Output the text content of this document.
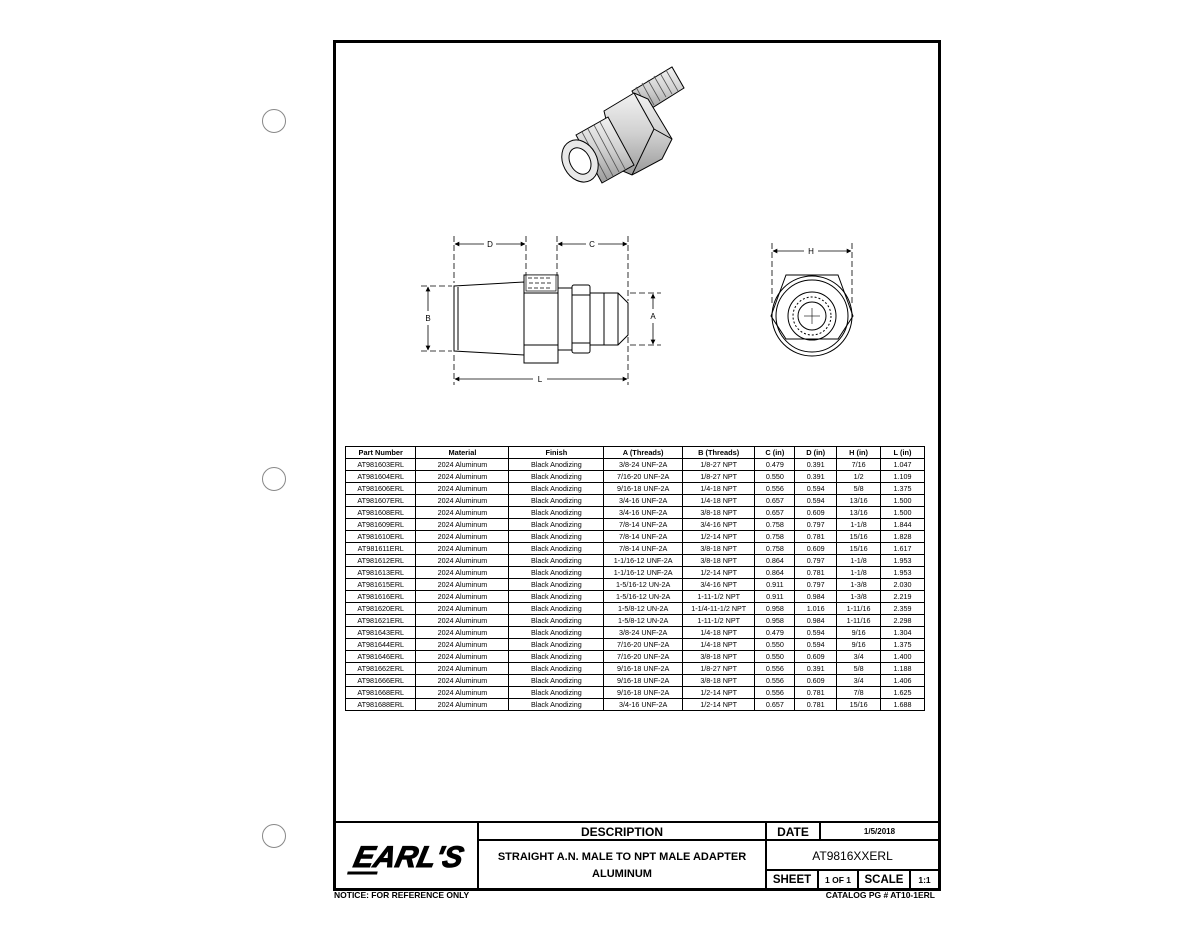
D	C
B	A
L
H
Part Number	Material	Finish	A (Threads)	B (Threads)	C (in)	D (in)	H (in)	L (in)
AT981603ERL	2024 Aluminum	Black Anodizing	3/8-24 UNF-2A	1/8-27 NPT	0.479	0.391	7/16	1.047
AT981604ERL	2024 Aluminum	Black Anodizing	7/16-20 UNF-2A	1/8-27 NPT	0.550	0.391	1/2	1.109
AT981606ERL	2024 Aluminum	Black Anodizing	9/16-18 UNF-2A	1/4-18 NPT	0.556	0.594	5/8	1.375
AT981607ERL	2024 Aluminum	Black Anodizing	3/4-16 UNF-2A	1/4-18 NPT	0.657	0.594	13/16	1.500
AT981608ERL	2024 Aluminum	Black Anodizing	3/4-16 UNF-2A	3/8-18 NPT	0.657	0.609	13/16	1.500
AT981609ERL	2024 Aluminum	Black Anodizing	7/8-14 UNF-2A	3/4-16 NPT	0.758	0.797	1-1/8	1.844
AT981610ERL	2024 Aluminum	Black Anodizing	7/8-14 UNF-2A	1/2-14 NPT	0.758	0.781	15/16	1.828
AT981611ERL	2024 Aluminum	Black Anodizing	7/8-14 UNF-2A	3/8-18 NPT	0.758	0.609	15/16	1.617
AT981612ERL	2024 Aluminum	Black Anodizing	1-1/16-12 UNF-2A	3/8-18 NPT	0.864	0.797	1-1/8	1.953
AT981613ERL	2024 Aluminum	Black Anodizing	1-1/16-12 UNF-2A	1/2-14 NPT	0.864	0.781	1-1/8	1.953
AT981615ERL	2024 Aluminum	Black Anodizing	1-5/16-12 UN-2A	3/4-16 NPT	0.911	0.797	1-3/8	2.030
AT981616ERL	2024 Aluminum	Black Anodizing	1-5/16-12 UN-2A	1-11-1/2 NPT	0.911	0.984	1-3/8	2.219
AT981620ERL	2024 Aluminum	Black Anodizing	1-5/8-12 UN-2A	1-1/4-11-1/2 NPT	0.958	1.016	1-11/16	2.359
AT981621ERL	2024 Aluminum	Black Anodizing	1-5/8-12 UN-2A	1-11-1/2 NPT	0.958	0.984	1-11/16	2.298
AT981643ERL	2024 Aluminum	Black Anodizing	3/8-24 UNF-2A	1/4-18 NPT	0.479	0.594	9/16	1.304
AT981644ERL	2024 Aluminum	Black Anodizing	7/16-20 UNF-2A	1/4-18 NPT	0.550	0.594	9/16	1.375
AT981646ERL	2024 Aluminum	Black Anodizing	7/16-20 UNF-2A	3/8-18 NPT	0.550	0.609	3/4	1.400
AT981662ERL	2024 Aluminum	Black Anodizing	9/16-18 UNF-2A	1/8-27 NPT	0.556	0.391	5/8	1.188
AT981666ERL	2024 Aluminum	Black Anodizing	9/16-18 UNF-2A	3/8-18 NPT	0.556	0.609	3/4	1.406
AT981668ERL	2024 Aluminum	Black Anodizing	9/16-18 UNF-2A	1/2-14 NPT	0.556	0.781	7/8	1.625
AT981688ERL	2024 Aluminum	Black Anodizing	3/4-16 UNF-2A	1/2-14 NPT	0.657	0.781	15/16	1.688
EARL'S
DESCRIPTION
STRAIGHT A.N. MALE TO NPT MALE ADAPTER
ALUMINUM
DATE	1/5/2018
AT9816XXERL
SHEET	1 OF 1	SCALE	1:1
NOTICE: FOR REFERENCE ONLY	CATALOG PG # AT10-1ERL
